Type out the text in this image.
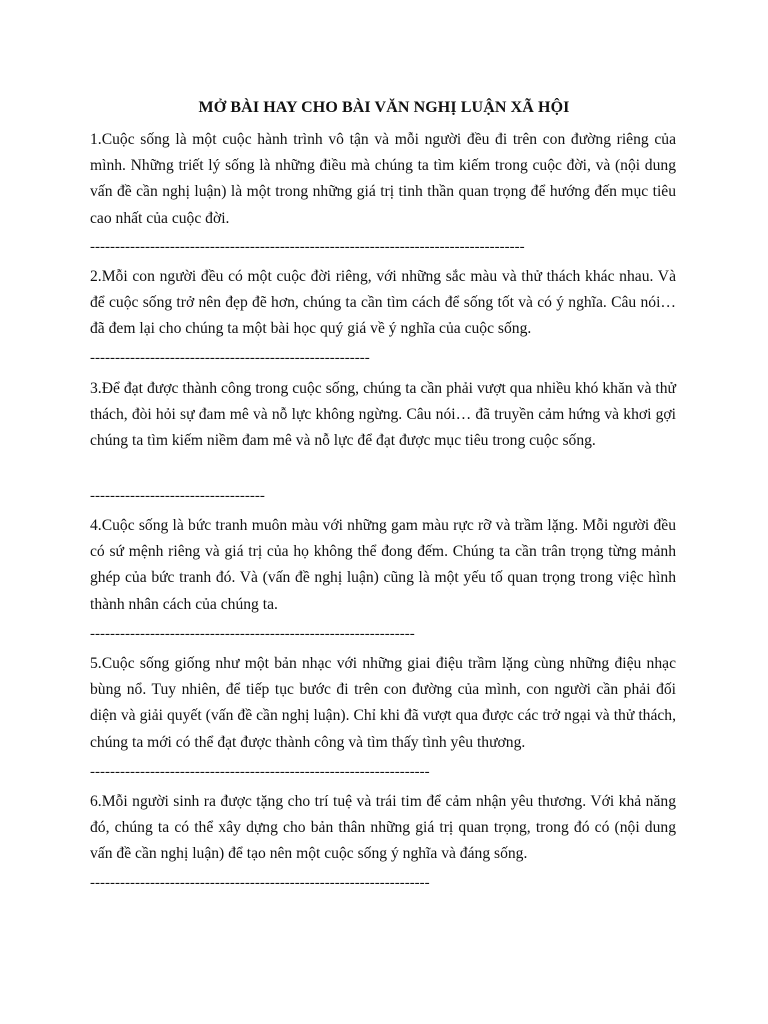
MỞ BÀI HAY CHO BÀI VĂN NGHỊ LUẬN XÃ HỘI

1.Cuộc sống là một cuộc hành trình vô tận và mỗi người đều đi trên con đường riêng của mình. Những triết lý sống là những điều mà chúng ta tìm kiếm trong cuộc đời, và (nội dung vấn đề cần nghị luận) là một trong những giá trị tinh thần quan trọng để hướng đến mục tiêu cao nhất của cuộc đời.

---------------------------------------------------------------------------------------

2.Mỗi con người đều có một cuộc đời riêng, với những sắc màu và thử thách khác nhau. Và để cuộc sống trở nên đẹp đẽ hơn, chúng ta cần tìm cách để sống tốt và có ý nghĩa. Câu nói… đã đem lại cho chúng ta một bài học quý giá về ý nghĩa của cuộc sống.

--------------------------------------------------------

3.Để đạt được thành công trong cuộc sống, chúng ta cần phải vượt qua nhiều khó khăn và thử thách, đòi hỏi sự đam mê và nỗ lực không ngừng. Câu nói… đã truyền cảm hứng và khơi gợi chúng ta tìm kiếm niềm đam mê và nỗ lực để đạt được mục tiêu trong cuộc sống.

-----------------------------------

4.Cuộc sống là bức tranh muôn màu với những gam màu rực rỡ và trầm lặng. Mỗi người đều có sứ mệnh riêng và giá trị của họ không thể đong đếm. Chúng ta cần trân trọng từng mảnh ghép của bức tranh đó. Và (vấn đề nghị luận) cũng là một yếu tố quan trọng trong việc hình thành nhân cách của chúng ta.

-----------------------------------------------------------------

5.Cuộc sống giống như một bản nhạc với những giai điệu trầm lặng cùng những điệu nhạc bùng nổ. Tuy nhiên, để tiếp tục bước đi trên con đường của mình, con người cần phải đối diện và giải quyết (vấn đề cần nghị luận). Chỉ khi đã vượt qua được các trở ngại và thử thách, chúng ta mới có thể đạt được thành công và tìm thấy tình yêu thương.

--------------------------------------------------------------------

6.Mỗi người sinh ra được tặng cho trí tuệ và trái tim để cảm nhận yêu thương. Với khả năng đó, chúng ta có thể xây dựng cho bản thân những giá trị quan trọng, trong đó có (nội dung vấn đề cần nghị luận) để tạo nên một cuộc sống ý nghĩa và đáng sống.

--------------------------------------------------------------------
